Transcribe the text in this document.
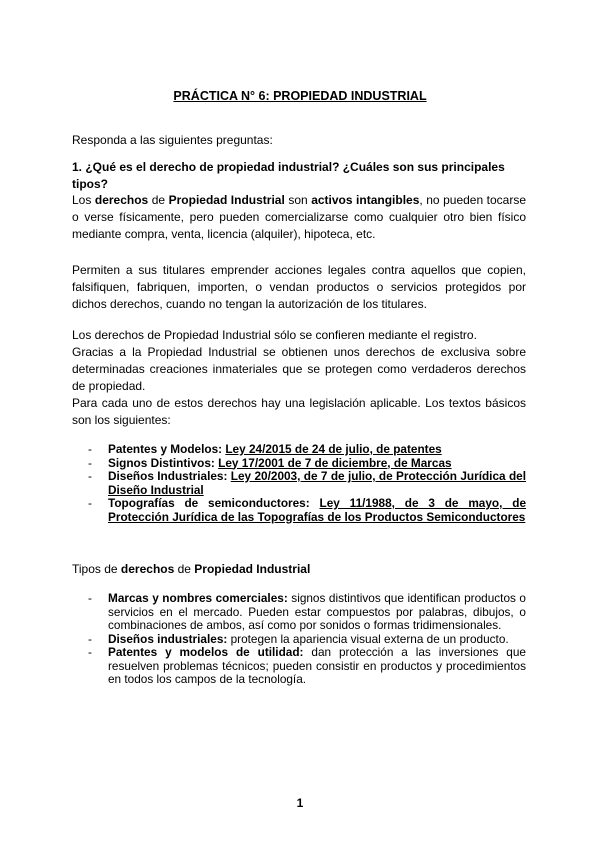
PRÁCTICA N° 6: PROPIEDAD INDUSTRIAL
Responda a las siguientes preguntas:
1. ¿Qué es el derecho de propiedad industrial? ¿Cuáles son sus principales tipos?
Los derechos de Propiedad Industrial son activos intangibles, no pueden tocarse o verse físicamente, pero pueden comercializarse como cualquier otro bien físico mediante compra, venta, licencia (alquiler), hipoteca, etc.
Permiten a sus titulares emprender acciones legales contra aquellos que copien, falsifiquen, fabriquen, importen, o vendan productos o servicios protegidos por dichos derechos, cuando no tengan la autorización de los titulares.
Los derechos de Propiedad Industrial sólo se confieren mediante el registro.
Gracias a la Propiedad Industrial se obtienen unos derechos de exclusiva sobre determinadas creaciones inmateriales que se protegen como verdaderos derechos de propiedad.
Para cada uno de estos derechos hay una legislación aplicable. Los textos básicos son los siguientes:
- Patentes y Modelos: Ley 24/2015 de 24 de julio, de patentes
- Signos Distintivos: Ley 17/2001 de 7 de diciembre, de Marcas
- Diseños Industriales: Ley 20/2003, de 7 de julio, de Protección Jurídica del Diseño Industrial
- Topografías de semiconductores: Ley 11/1988, de 3 de mayo, de Protección Jurídica de las Topografías de los Productos Semiconductores
Tipos de derechos de Propiedad Industrial
- Marcas y nombres comerciales: signos distintivos que identifican productos o servicios en el mercado. Pueden estar compuestos por palabras, dibujos, o combinaciones de ambos, así como por sonidos o formas tridimensionales.
- Diseños industriales: protegen la apariencia visual externa de un producto.
- Patentes y modelos de utilidad: dan protección a las inversiones que resuelven problemas técnicos; pueden consistir en productos y procedimientos en todos los campos de la tecnología.
1
